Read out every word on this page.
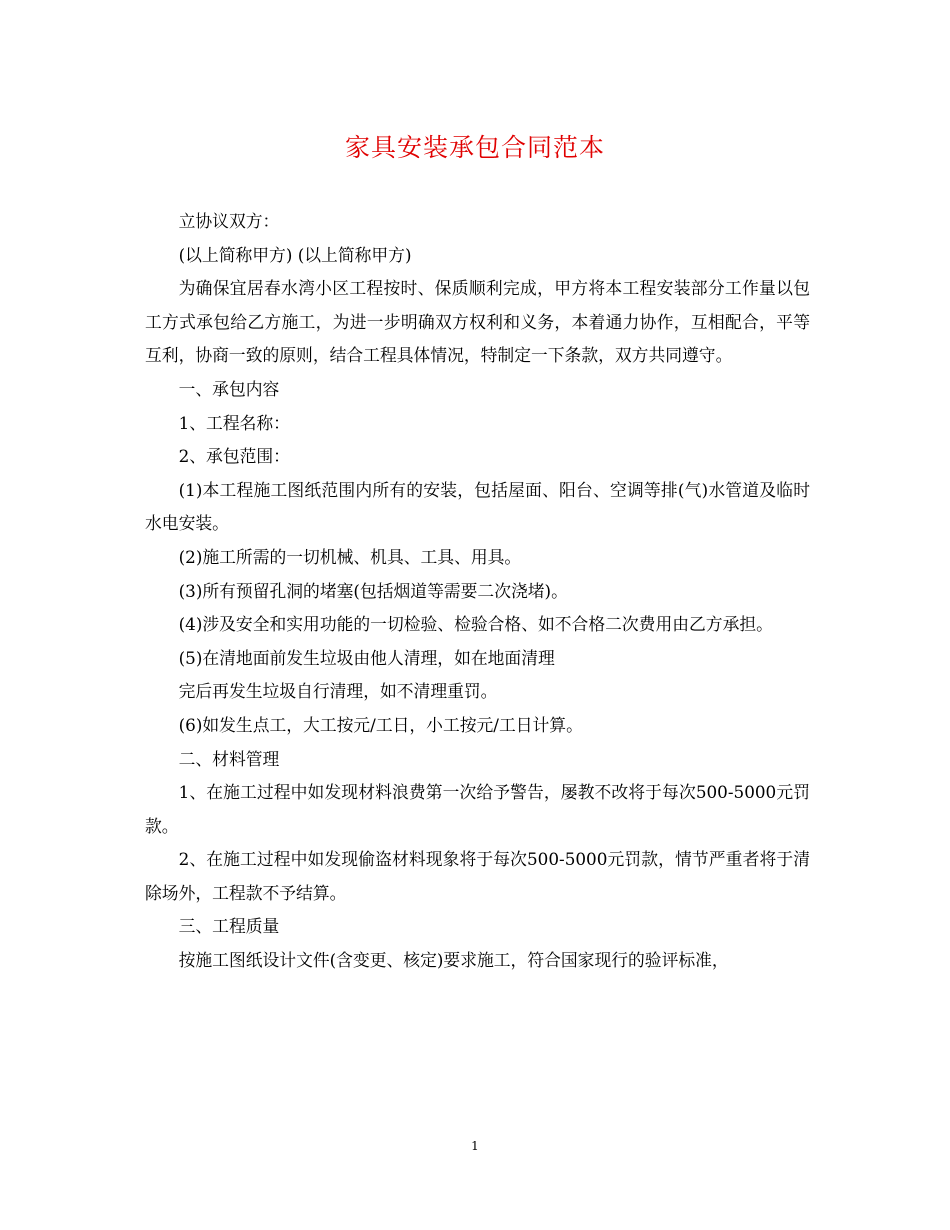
家具安装承包合同范本

立协议双方：

(以上简称甲方) (以上简称甲方)

为确保宜居春水湾小区工程按时、保质顺利完成，甲方将本工程安装部分工作量以包工方式承包给乙方施工，为进一步明确双方权利和义务，本着通力协作，互相配合，平等互利，协商一致的原则，结合工程具体情况，特制定一下条款，双方共同遵守。

一、承包内容

1、工程名称：

2、承包范围：

(1)本工程施工图纸范围内所有的安装，包括屋面、阳台、空调等排(气)水管道及临时水电安装。

(2)施工所需的一切机械、机具、工具、用具。

(3)所有预留孔洞的堵塞(包括烟道等需要二次浇堵)。

(4)涉及安全和实用功能的一切检验、检验合格、如不合格二次费用由乙方承担。

(5)在清地面前发生垃圾由他人清理，如在地面清理

完后再发生垃圾自行清理，如不清理重罚。

(6)如发生点工，大工按元/工日，小工按元/工日计算。

二、材料管理

1、在施工过程中如发现材料浪费第一次给予警告，屡教不改将于每次500-5000元罚款。

2、在施工过程中如发现偷盗材料现象将于每次500-5000元罚款，情节严重者将于清除场外，工程款不予结算。

三、工程质量

按施工图纸设计文件(含变更、核定)要求施工，符合国家现行的验评标准，

1
